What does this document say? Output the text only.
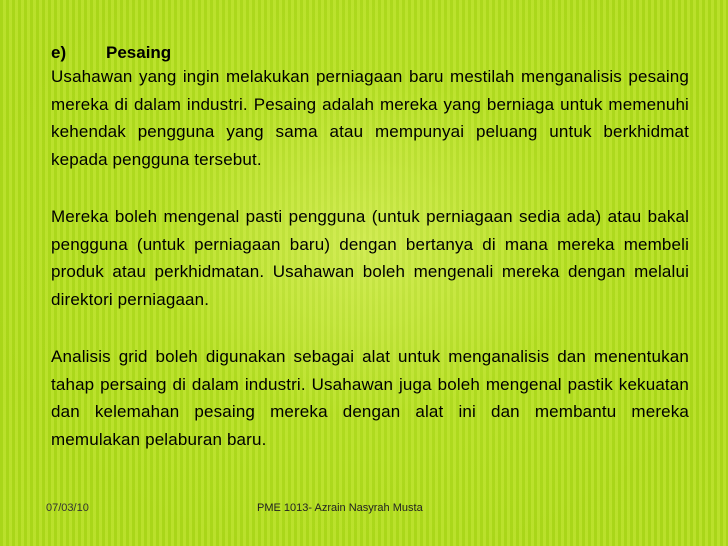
e) Pesaing

Usahawan yang ingin melakukan perniagaan baru mestilah menganalisis pesaing mereka di dalam industri. Pesaing adalah mereka yang berniaga untuk memenuhi kehendak pengguna yang sama atau mempunyai peluang untuk berkhidmat kepada pengguna tersebut.

Mereka boleh mengenal pasti pengguna (untuk perniagaan sedia ada) atau bakal pengguna (untuk perniagaan baru) dengan bertanya di mana mereka membeli produk atau perkhidmatan. Usahawan boleh mengenali mereka dengan melalui direktori perniagaan.

Analisis grid boleh digunakan sebagai alat untuk menganalisis dan menentukan tahap persaing di dalam industri. Usahawan juga boleh mengenal pastik kekuatan dan kelemahan pesaing mereka dengan alat ini dan membantu mereka memulakan pelaburan baru.

07/03/10	PME 1013- Azrain Nasyrah Musta
